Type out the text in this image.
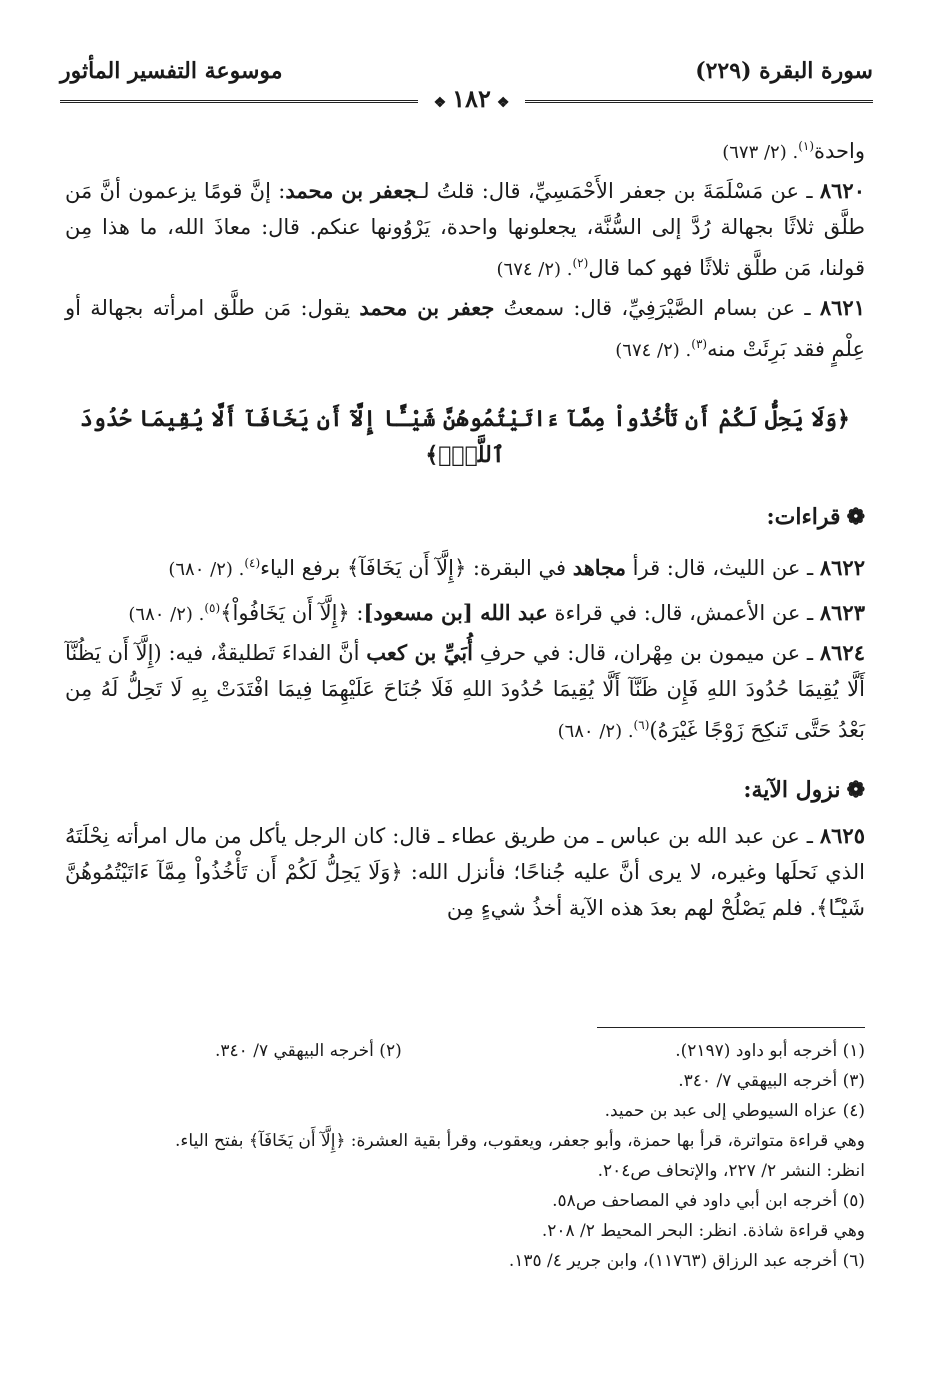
سورة البقرة (٢٢٩)
موسوعة التفسير المأثور
❖ ١٨٢ ❖

واحدة$^{(١)}$. (٢/ ٦٧٣)

٨٦٢٠ ـ عن مَسْلَمَةَ بن جعفر الأَحْمَسِيِّ، قال: قلتُ لـجعفر بن محمد: إنَّ قومًا يزعمون أنَّ مَن طلَّق ثلاثًا بجهالة رُدَّ إلى السُّنَّة، يجعلونها واحدة، يَرْوُونها عنكم. قال: معاذَ الله، ما هذا مِن قولنا، مَن طلَّق ثلاثًا فهو كما قال$^{(٢)}$. (٢/ ٦٧٤)

٨٦٢١ ـ عن بسام الصَّيْرَفِيِّ، قال: سمعتُ جعفر بن محمد يقول: مَن طلَّق امرأته بجهالة أو عِلْمٍ فقد بَرِئَتْ منه$^{(٣)}$. (٢/ ٦٧٤)

﴿وَلَا يَحِلُّ لَكُمْ أَن تَأْخُذُواْ مِمَّآ ءَاتَيْتُمُوهُنَّ شَيْـًٔا إِلَّآ أَن يَخَافَآ أَلَّا يُقِيمَا حُدُودَ ٱللَّهِۖ﴾
❁قراءات:

٨٦٢٢ ـ عن الليث، قال: قرأ مجاهد في البقرة: ﴿إِلَّآ أَن يَخَافَآ﴾ برفع الياء$^{(٤)}$. (٢/ ٦٨٠)

٨٦٢٣ ـ عن الأعمش، قال: في قراءة عبد الله [بن مسعود]: ﴿إِلَّآ أَن يَخَافُواْ﴾$^{(٥)}$. (٢/ ٦٨٠)

٨٦٢٤ ـ عن ميمون بن مِهْران، قال: في حرفِ أُبَيِّ بن كعب أنَّ الفداءَ تَطليقةٌ، فيه: (إِلَّآ أَن يَظُنَّآ أَلَّا يُقِيمَا حُدُودَ اللهِ فَإِن ظَنَّآ أَلَّا يُقِيمَا حُدُودَ اللهِ فَلَا جُنَاحَ عَلَيْهِمَا فِيمَا افْتَدَتْ بِهِ لَا تَحِلُّ لَهُ مِن بَعْدُ حَتَّى تَنكِحَ زَوْجًا غَيْرَهُ)$^{(٦)}$. (٢/ ٦٨٠)

❁نزول الآية:

٨٦٢٥ ـ عن عبد الله بن عباس ـ من طريق عطاء ـ قال: كان الرجل يأكل من مال امرأته نِحْلَتَهُ الذي نَحلَها وغيره، لا يرى أنَّ عليه جُناحًا؛ فأنزل الله: ﴿وَلَا يَحِلُّ لَكُمْ أَن تَأْخُذُواْ مِمَّآ ءَاتَيْتُمُوهُنَّ شَيْـًٔا﴾. فلم يَصْلُحْ لهم بعدَ هذه الآية أخذُ شيءٍ مِن

(١) أخرجه أبو داود (٢١٩٧).

(٢) أخرجه البيهقي ٧/ ٣٤٠.

(٣) أخرجه البيهقي ٧/ ٣٤٠.

(٤) عزاه السيوطي إلى عبد بن حميد.

وهي قراءة متواترة، قرأ بها حمزة، وأبو جعفر، ويعقوب، وقرأ بقية العشرة: ﴿إِلَّآ أَن يَخَافَآ﴾ بفتح الياء.

انظر: النشر ٢/ ٢٢٧، والإتحاف ص٢٠٤.

(٥) أخرجه ابن أبي داود في المصاحف ص٥٨.

وهي قراءة شاذة. انظر: البحر المحيط ٢/ ٢٠٨.

(٦) أخرجه عبد الرزاق (١١٧٦٣)، وابن جرير ٤/ ١٣٥.
